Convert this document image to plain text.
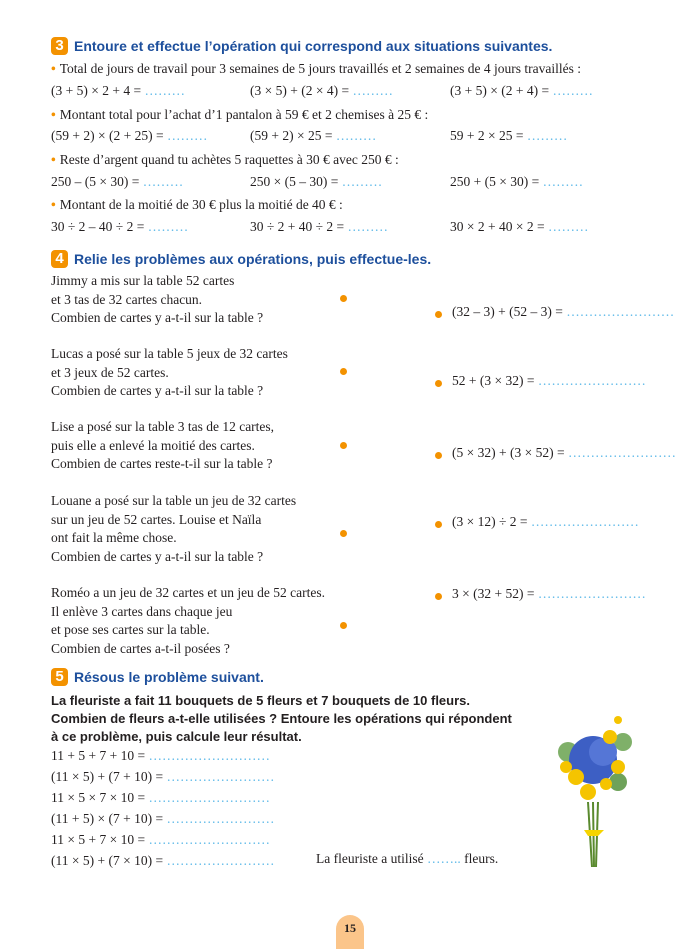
3 Entoure et effectue l’opération qui correspond aux situations suivantes.
• Total de jours de travail pour 3 semaines de 5 jours travaillés et 2 semaines de 4 jours travaillés :
(3 + 5) × 2 + 4 = ………	(3 × 5) + (2 × 4) = ………	(3 + 5) × (2 + 4) = ………
• Montant total pour l’achat d’1 pantalon à 59 € et 2 chemises à 25 € :
(59 + 2) × (2 + 25) = ………	(59 + 2) × 25 = ………	59 + 2 × 25 = ………
• Reste d’argent quand tu achètes 5 raquettes à 30 € avec 250 € :
250 – (5 × 30) = ………	250 × (5 – 30) = ………	250 + (5 × 30) = ………
• Montant de la moitié de 30 € plus la moitié de 40 € :
30 ÷ 2 – 40 ÷ 2 = ………	30 ÷ 2 + 40 ÷ 2 = ………	30 × 2 + 40 × 2 = ………
4 Relie les problèmes aux opérations, puis effectue-les.
Jimmy a mis sur la table 52 cartes
et 3 tas de 32 cartes chacun.
Combien de cartes y a-t-il sur la table ?
Lucas a posé sur la table 5 jeux de 32 cartes
et 3 jeux de 52 cartes.
Combien de cartes y a-t-il sur la table ?
Lise a posé sur la table 3 tas de 12 cartes,
puis elle a enlevé la moitié des cartes.
Combien de cartes reste-t-il sur la table ?
Louane a posé sur la table un jeu de 32 cartes
sur un jeu de 52 cartes. Louise et Naïla
ont fait la même chose.
Combien de cartes y a-t-il sur la table ?
Roméo a un jeu de 32 cartes et un jeu de 52 cartes.
Il enlève 3 cartes dans chaque jeu
et pose ses cartes sur la table.
Combien de cartes a-t-il posées ?
(32 – 3) + (52 – 3) = ……………………
52 + (3 × 32) = ……………………
(5 × 32) + (3 × 52) = ……………………
(3 × 12) ÷ 2 = ……………………
3 × (32 + 52) = ……………………
5 Résous le problème suivant.
La fleuriste a fait 11 bouquets de 5 fleurs et 7 bouquets de 10 fleurs.
Combien de fleurs a-t-elle utilisées ? Entoure les opérations qui répondent
à ce problème, puis calcule leur résultat.
11 + 5 + 7 + 10 = ………………………
(11 × 5) + (7 + 10) = ……………………
11 × 5 × 7 × 10 = ………………………
(11 + 5) × (7 + 10) = ……………………
11 × 5 + 7 × 10 = ………………………
(11 × 5) + (7 × 10) = ……………………	La fleuriste a utilisé …….. fleurs.
15
